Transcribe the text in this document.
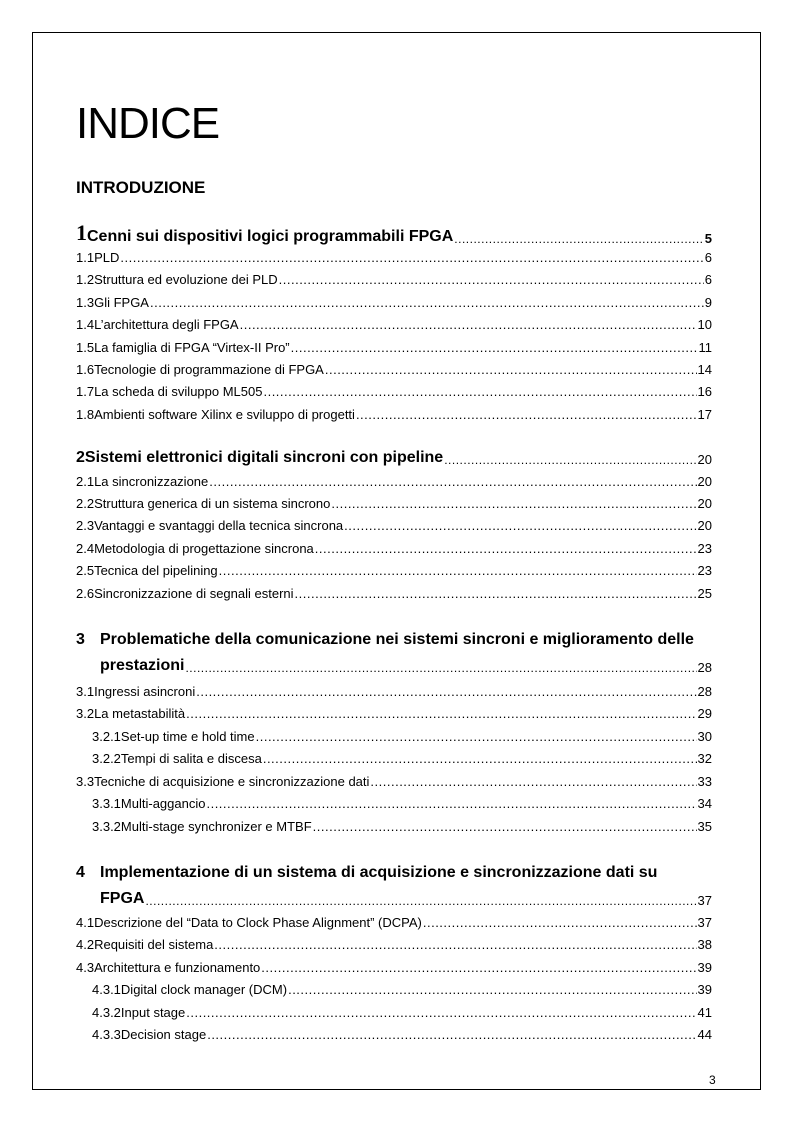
INDICE
INTRODUZIONE
1 Cenni sui dispositivi logici programmabili FPGA .....	5
1.1 PLD .....	6
1.2 Struttura ed evoluzione dei PLD .....	6
1.3 Gli FPGA .....	9
1.4 L’architettura degli FPGA .....	10
1.5 La famiglia di FPGA “Virtex-II Pro” .....	11
1.6 Tecnologie di programmazione di FPGA .....	14
1.7 La scheda di sviluppo ML505 .....	16
1.8 Ambienti software Xilinx e sviluppo di progetti .....	17
2 Sistemi elettronici digitali sincroni con pipeline .....	20
2.1 La sincronizzazione .....	20
2.2 Struttura generica di un sistema sincrono .....	20
2.3 Vantaggi e svantaggi della tecnica sincrona .....	20
2.4 Metodologia di progettazione sincrona .....	23
2.5 Tecnica del pipelining .....	23
2.6 Sincronizzazione di segnali esterni .....	25
3 Problematiche della comunicazione nei sistemi sincroni e miglioramento delle
prestazioni .....	28
3.1 Ingressi asincroni .....	28
3.2 La metastabilità .....	29
3.2.1 Set-up time e hold time .....	30
3.2.2 Tempi di salita e discesa .....	32
3.3 Tecniche di acquisizione e sincronizzazione dati .....	33
3.3.1 Multi-aggancio .....	34
3.3.2 Multi-stage synchronizer e MTBF .....	35
4 Implementazione di un sistema di acquisizione e sincronizzazione dati su
FPGA .....	37
4.1 Descrizione del “Data to Clock Phase Alignment” (DCPA) .....	37
4.2 Requisiti del sistema .....	38
4.3 Architettura e funzionamento .....	39
4.3.1 Digital clock manager (DCM) .....	39
4.3.2 Input stage .....	41
4.3.3 Decision stage .....	44
3
